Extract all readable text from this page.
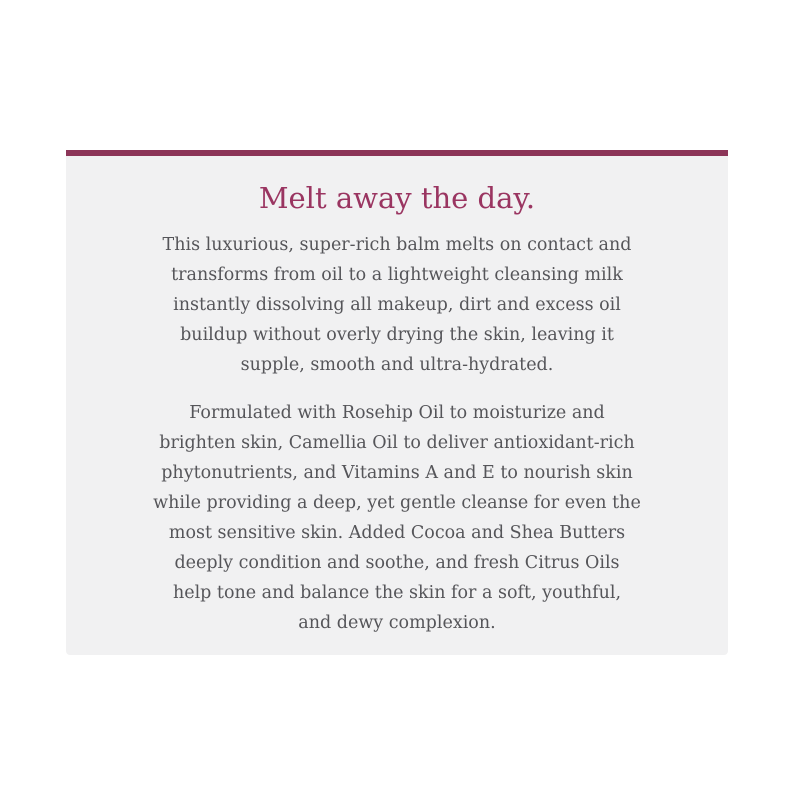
Melt away the day.

This luxurious, super-rich balm melts on contact and
transforms from oil to a lightweight cleansing milk
instantly dissolving all makeup, dirt and excess oil
buildup without overly drying the skin, leaving it
supple, smooth and ultra-hydrated.

Formulated with Rosehip Oil to moisturize and
brighten skin, Camellia Oil to deliver antioxidant-rich
phytonutrients, and Vitamins A and E to nourish skin
while providing a deep, yet gentle cleanse for even the
most sensitive skin. Added Cocoa and Shea Butters
deeply condition and soothe, and fresh Citrus Oils
help tone and balance the skin for a soft, youthful,
and dewy complexion.
